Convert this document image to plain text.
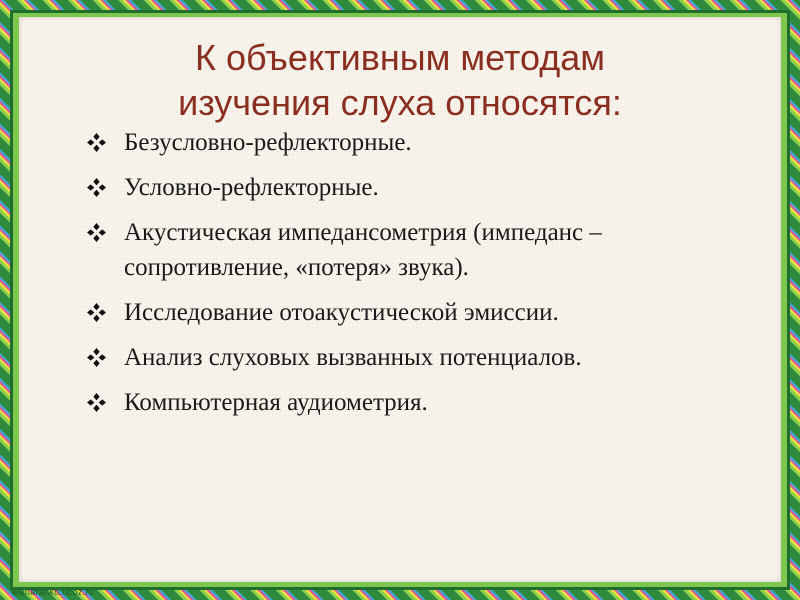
К объективным методам
изучения слуха относятся:
Безусловно-рефлекторные.
Условно-рефлекторные.
Акустическая импедансометрия (импеданс – сопротивление, «потеря» звука).
Исследование отоакустической эмиссии.
Анализ слуховых вызванных потенциалов.
Компьютерная аудиометрия.
elenaranko.ucoz.ru
